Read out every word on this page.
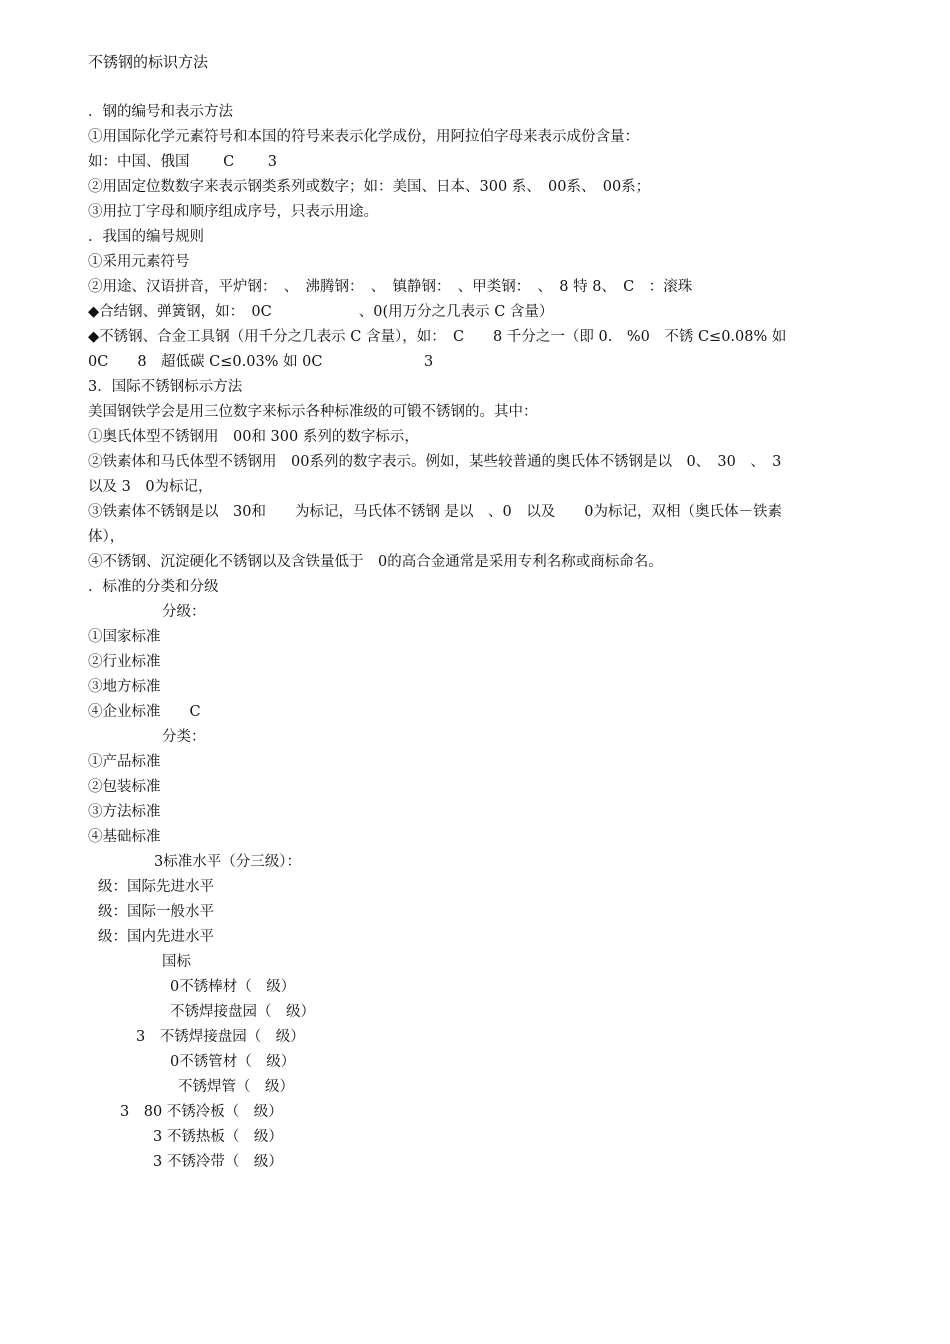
不锈钢的标识方法
．钢的编号和表示方法
①用国际化学元素符号和本国的符号来表示化学成份，用阿拉伯字母来表示成份含量：
如：中国、俄国　　 C　　 3
②用固定位数数字来表示钢类系列或数字；如：美国、日本、300 系、　00系、　00系；
③用拉丁字母和顺序组成序号，只表示用途。
．我国的编号规则
①采用元素符号
②用途、汉语拼音，平炉钢：　、　沸腾钢：　、　镇静钢：　、甲类钢：　、　8 特 8、　C　：滚珠
◆合结钢、弹簧钢，如：　0C　　　　　　、0(用万分之几表示 C 含量）
◆不锈钢、合金工具钢（用千分之几表示 C 含量），如：　C　　8 千分之一（即 0.　%0　不锈 C≤0.08% 如
0C　　8　超低碳 C≤0.03% 如 0C　　　　　　　3
3．国际不锈钢标示方法
美国钢铁学会是用三位数字来标示各种标准级的可锻不锈钢的。其中：
①奥氏体型不锈钢用　00和 300 系列的数字标示，
②铁素体和马氏体型不锈钢用　00系列的数字表示。例如，某些较普通的奥氏体不锈钢是以　0、　30　、　3
以及 3　0为标记，
③铁素体不锈钢是以　30和　　为标记，马氏体不锈钢 是以　、0　以及　　0为标记，双相（奥氏体－铁素
体），
④不锈钢、沉淀硬化不锈钢以及含铁量低于　0的高合金通常是采用专利名称或商标命名。
．标准的分类和分级
分级：
①国家标准
②行业标准
③地方标准
④企业标准　　C
分类：
①产品标准
②包装标准
③方法标准
④基础标准
3标准水平（分三级）：
级：国际先进水平
级：国际一般水平
级：国内先进水平
国标
0不锈棒材（　级）
不锈焊接盘园（　级）
3　不锈焊接盘园（　级）
0不锈管材（　级）
不锈焊管（　级）
3　80 不锈冷板（　级）
3 不锈热板（　级）
3 不锈冷带（　级）
